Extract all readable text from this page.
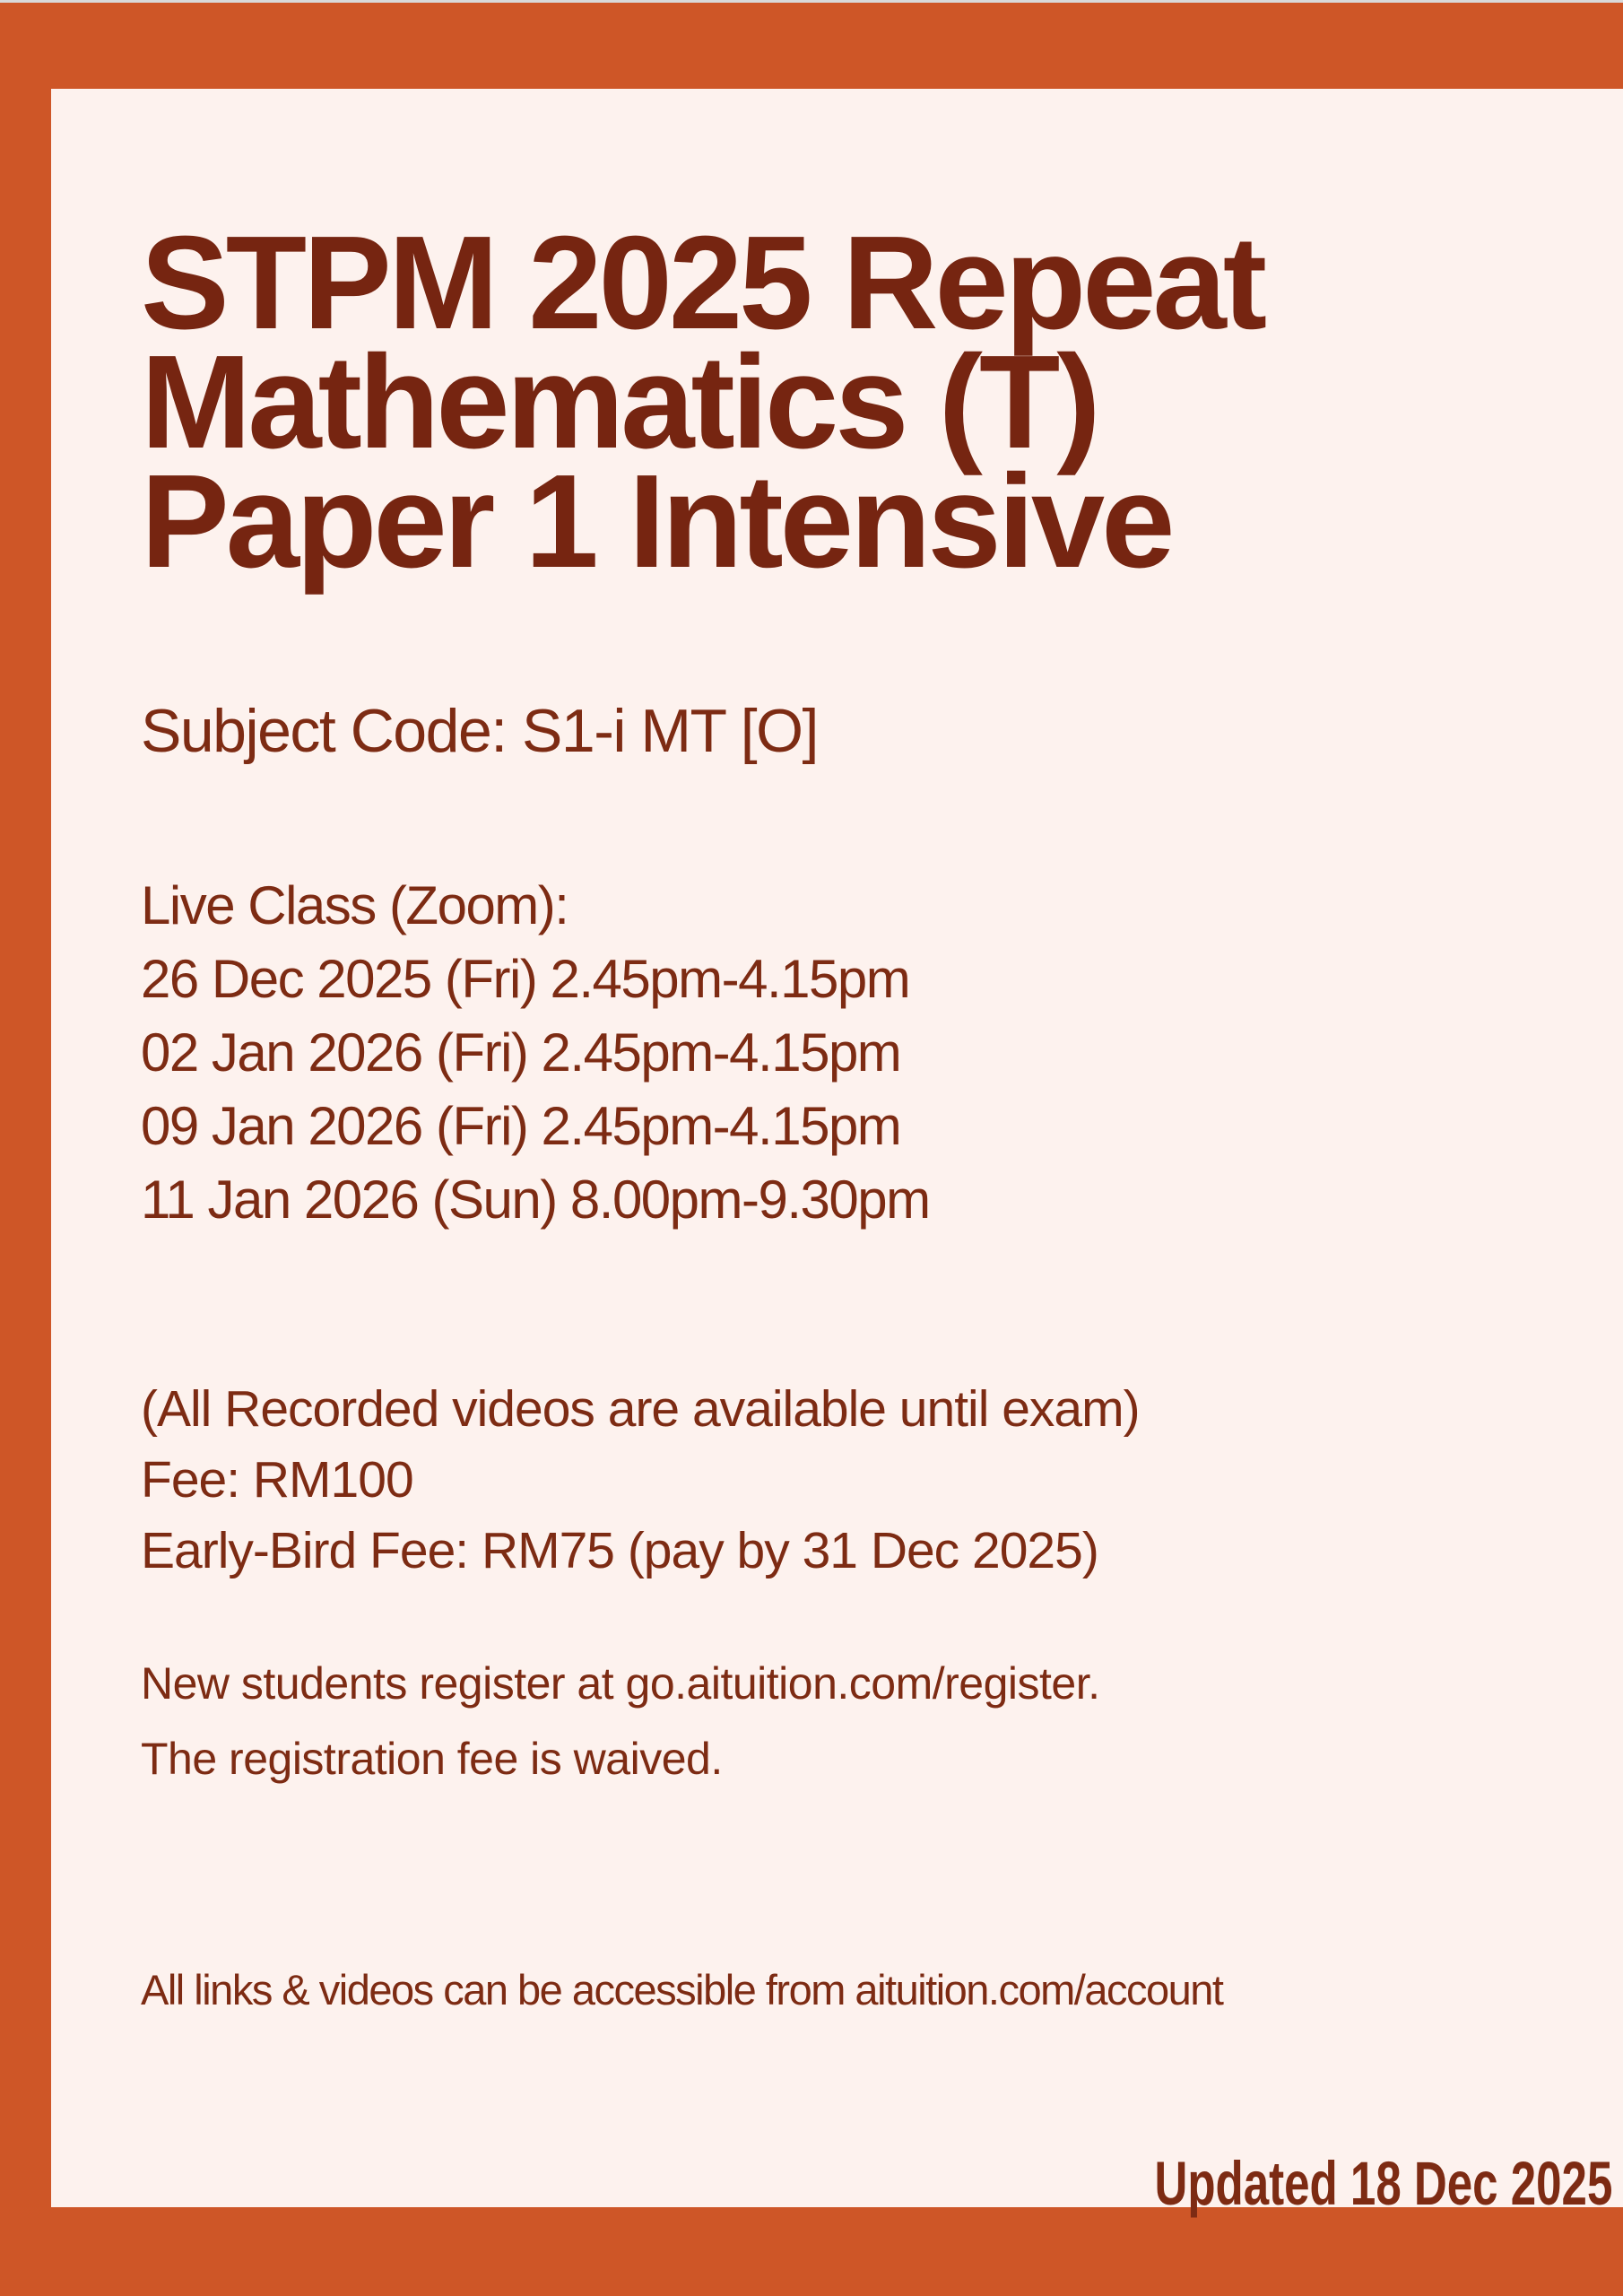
STPM 2025 Repeat
Mathematics (T)
Paper 1 Intensive
Subject Code: S1-i MT [O]
Live Class (Zoom):
26 Dec 2025 (Fri) 2.45pm-4.15pm
02 Jan 2026 (Fri) 2.45pm-4.15pm
09 Jan 2026 (Fri) 2.45pm-4.15pm
11 Jan 2026 (Sun) 8.00pm-9.30pm
(All Recorded videos are available until exam)
Fee: RM100
Early-Bird Fee: RM75 (pay by 31 Dec 2025)
New students register at go.aituition.com/register.
The registration fee is waived.
All links & videos can be accessible from aituition.com/account
Updated 18 Dec 2025
